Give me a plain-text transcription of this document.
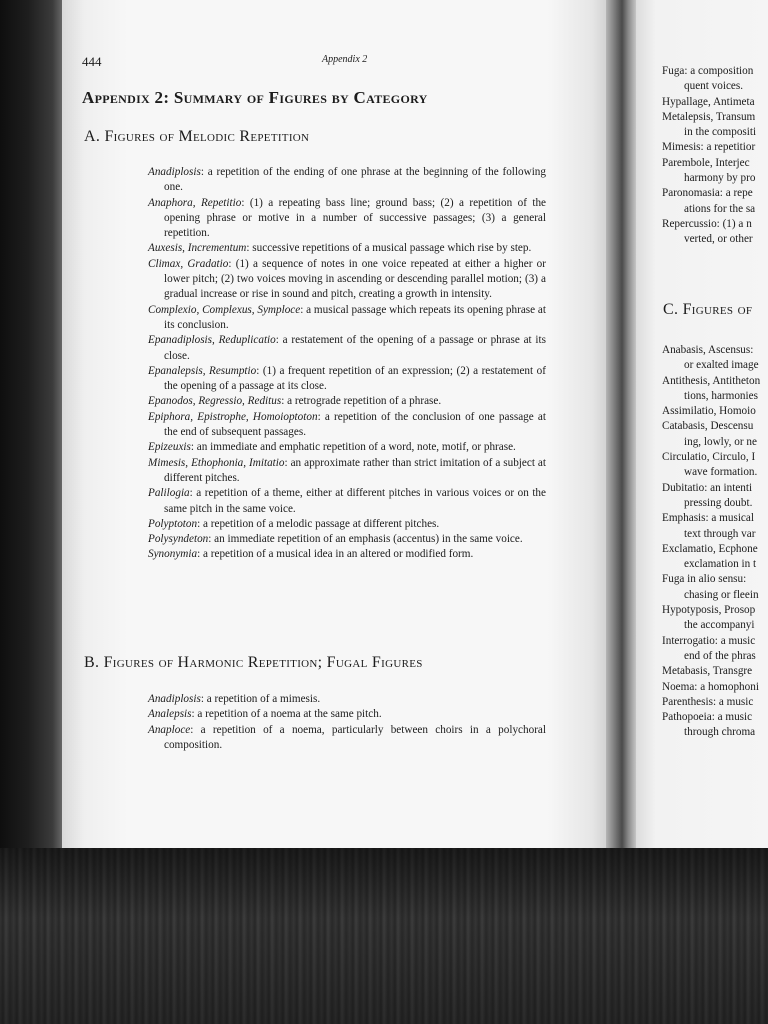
444	Appendix 2
Appendix 2: Summary of Figures by Category
A. Figures of Melodic Repetition

Anadiplosis: a repetition of the ending of one phrase at the beginning of the following one.

Anaphora, Repetitio: (1) a repeating bass line; ground bass; (2) a repetition of the opening phrase or motive in a number of successive passages; (3) a general repetition.

Auxesis, Incrementum: successive repetitions of a musical passage which rise by step.

Climax, Gradatio: (1) a sequence of notes in one voice repeated at either a higher or lower pitch; (2) two voices moving in ascending or descending parallel motion; (3) a gradual increase or rise in sound and pitch, creating a growth in intensity.

Complexio, Complexus, Symploce: a musical passage which repeats its opening phrase at its conclusion.

Epanadiplosis, Reduplicatio: a restatement of the opening of a passage or phrase at its close.

Epanalepsis, Resumptio: (1) a frequent repetition of an expression; (2) a restatement of the opening of a passage at its close.

Epanodos, Regressio, Reditus: a retrograde repetition of a phrase.

Epiphora, Epistrophe, Homoioptoton: a repetition of the conclusion of one passage at the end of subsequent passages.

Epizeuxis: an immediate and emphatic repetition of a word, note, motif, or phrase.

Mimesis, Ethophonia, Imitatio: an approximate rather than strict imitation of a subject at different pitches.

Palilogia: a repetition of a theme, either at different pitches in various voices or on the same pitch in the same voice.

Polyptoton: a repetition of a melodic passage at different pitches.

Polysyndeton: an immediate repetition of an emphasis (accentus) in the same voice.

Synonymia: a repetition of a musical idea in an altered or modified form.

B. Figures of Harmonic Repetition; Fugal Figures

Anadiplosis: a repetition of a mimesis.

Analepsis: a repetition of a noema at the same pitch.

Anaploce: a repetition of a noema, particularly between choirs in a polychoral composition.

Fuga: a composition

quent voices.

Hypallage, Antimeta

Metalepsis, Transum

in the compositi

Mimesis: a repetitior

Parembole, Interjec

harmony by pro

Paronomasia: a repe

ations for the sa

Repercussio: (1) a n

verted, or other

C. Figures of

Anabasis, Ascensus:

or exalted image

Antithesis, Antitheton

tions, harmonies

Assimilatio, Homoio

Catabasis, Descensu

ing, lowly, or ne

Circulatio, Circulo, I

wave formation.

Dubitatio: an intenti

pressing doubt.

Emphasis: a musical

text through var

Exclamatio, Ecphone

exclamation in t

Fuga in alio sensu:

chasing or fleein

Hypotyposis, Prosop

the accompanyi

Interrogatio: a music

end of the phras

Metabasis, Transgre

Noema: a homophoni

Parenthesis: a music

Pathopoeia: a music

through chroma
